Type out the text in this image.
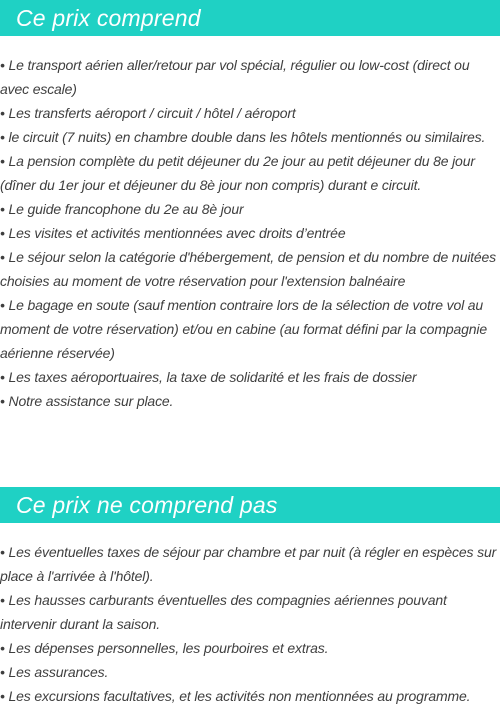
Ce prix comprend
• Le transport aérien aller/retour par vol spécial, régulier ou low-cost (direct ou avec escale)
• Les transferts aéroport / circuit / hôtel / aéroport
• le circuit (7 nuits) en chambre double dans les hôtels mentionnés ou similaires.
• La pension complète du petit déjeuner du 2e jour au petit déjeuner du 8e jour (dîner du 1er jour et déjeuner du 8è jour non compris) durant e circuit.
• Le guide francophone du 2e au 8è jour
• Les visites et activités mentionnées avec droits d’entrée
• Le séjour selon la catégorie d'hébergement, de pension et du nombre de nuitées choisies au moment de votre réservation pour l'extension balnéaire
• Le bagage en soute (sauf mention contraire lors de la sélection de votre vol au moment de votre réservation) et/ou en cabine (au format défini par la compagnie aérienne réservée)
• Les taxes aéroportuaires, la taxe de solidarité et les frais de dossier
• Notre assistance sur place.
Ce prix ne comprend pas
• Les éventuelles taxes de séjour par chambre et par nuit (à régler en espèces sur place à l'arrivée à l'hôtel).
• Les hausses carburants éventuelles des compagnies aériennes pouvant intervenir durant la saison.
• Les dépenses personnelles, les pourboires et extras.
• Les assurances.
• Les excursions facultatives, et les activités non mentionnées au programme.
